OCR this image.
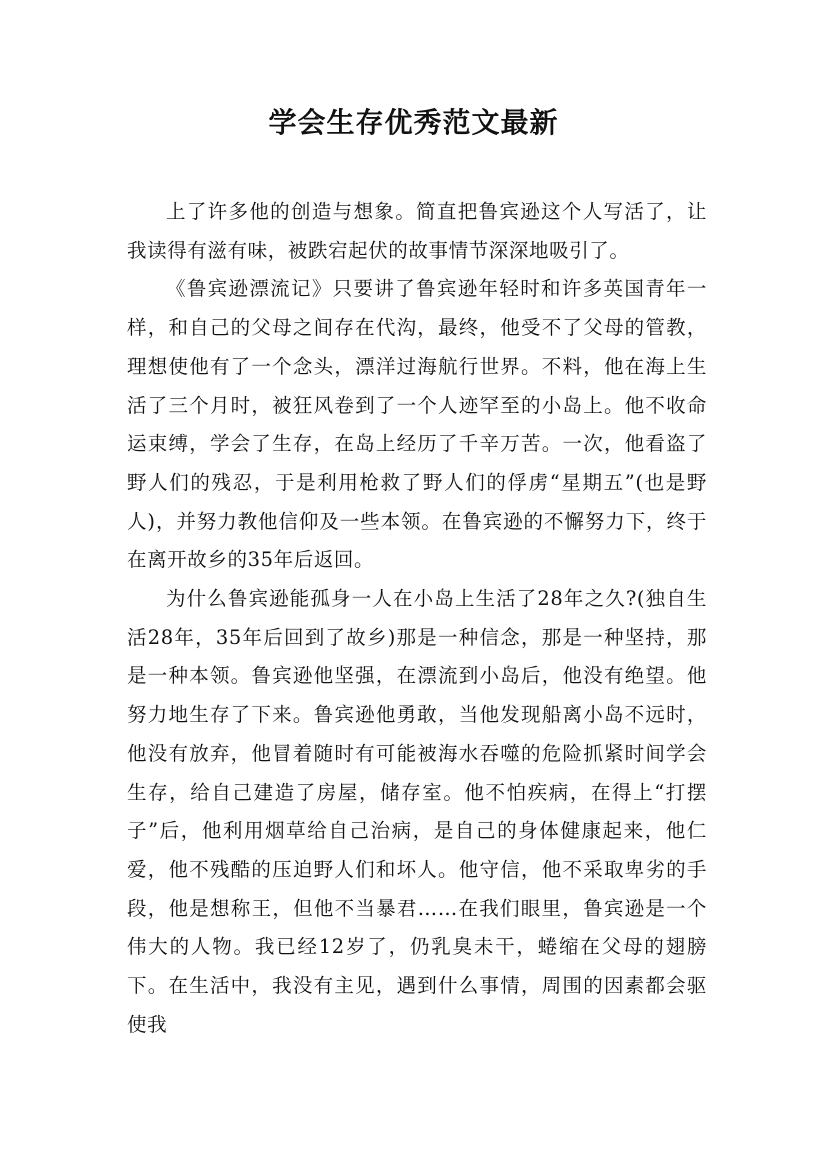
学会生存优秀范文最新

上了许多他的创造与想象。简直把鲁宾逊这个人写活了，让我读得有滋有味，被跌宕起伏的故事情节深深地吸引了。

《鲁宾逊漂流记》只要讲了鲁宾逊年轻时和许多英国青年一样，和自己的父母之间存在代沟，最终，他受不了父母的管教，理想使他有了一个念头，漂洋过海航行世界。不料，他在海上生活了三个月时，被狂风卷到了一个人迹罕至的小岛上。他不收命运束缚，学会了生存，在岛上经历了千辛万苦。一次，他看盗了野人们的残忍，于是利用枪救了野人们的俘虏“星期五”(也是野人)，并努力教他信仰及一些本领。在鲁宾逊的不懈努力下，终于在离开故乡的35年后返回。

为什么鲁宾逊能孤身一人在小岛上生活了28年之久?(独自生活28年，35年后回到了故乡)那是一种信念，那是一种坚持，那是一种本领。鲁宾逊他坚强，在漂流到小岛后，他没有绝望。他努力地生存了下来。鲁宾逊他勇敢，当他发现船离小岛不远时，他没有放弃，他冒着随时有可能被海水吞噬的危险抓紧时间学会生存，给自己建造了房屋，储存室。他不怕疾病，在得上“打摆子”后，他利用烟草给自己治病，是自己的身体健康起来，他仁爱，他不残酷的压迫野人们和坏人。他守信，他不采取卑劣的手段，他是想称王，但他不当暴君……在我们眼里，鲁宾逊是一个伟大的人物。我已经12岁了，仍乳臭未干，蜷缩在父母的翅膀下。在生活中，我没有主见，遇到什么事情，周围的因素都会驱使我
